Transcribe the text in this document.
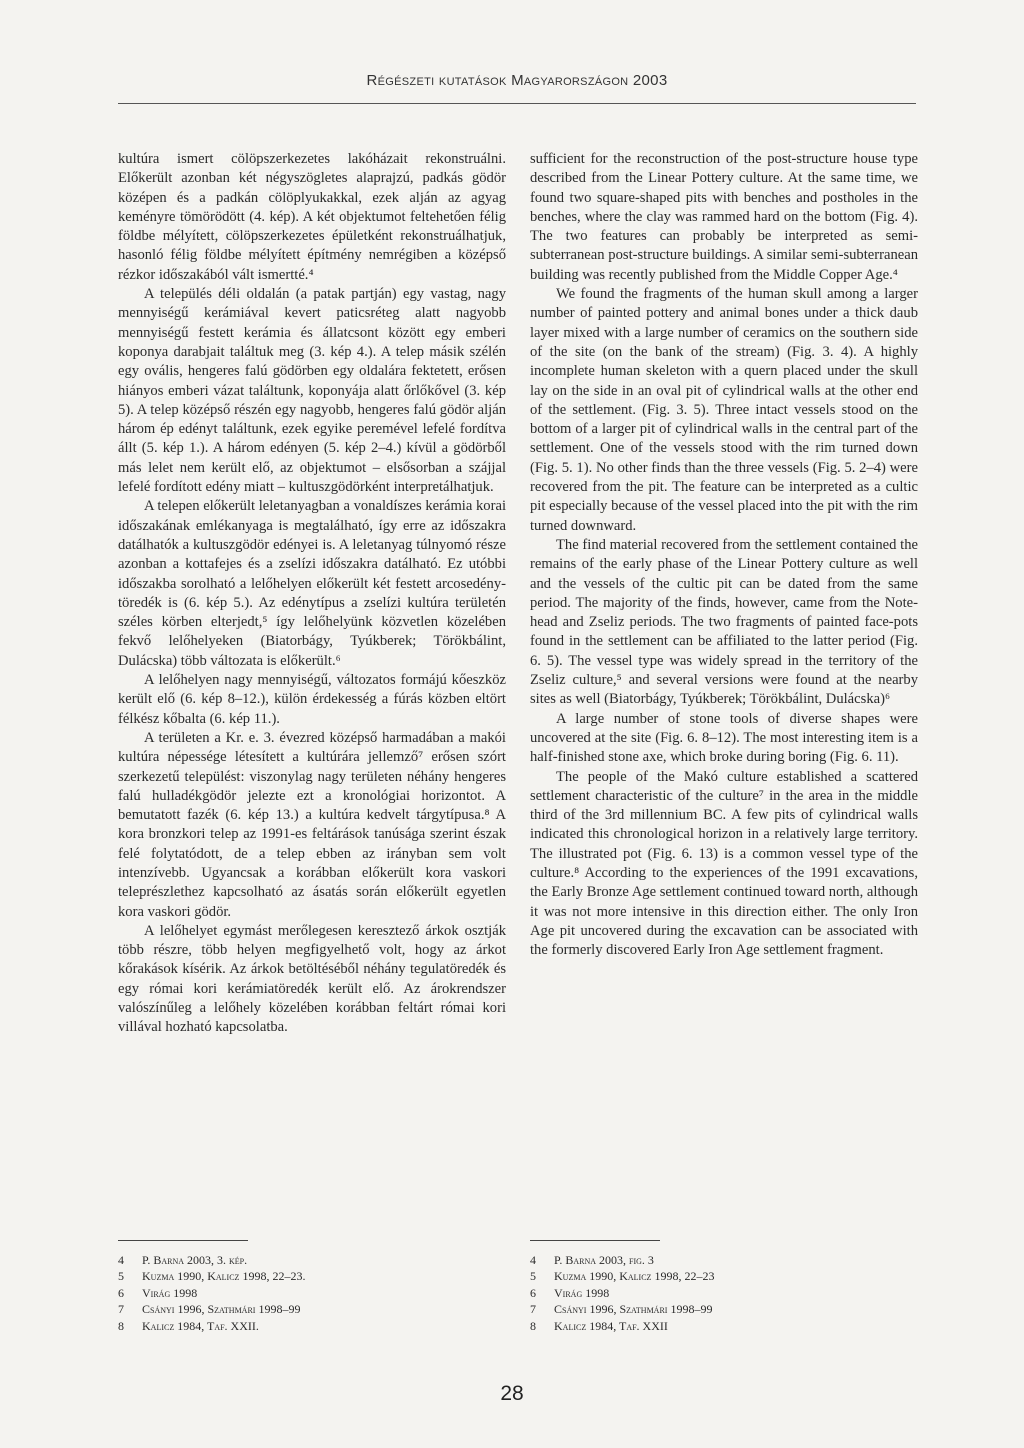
Régészeti kutatások Magyarországon 2003

kultúra ismert cölöpszerkezetes lakóházait rekonstruálni. Előkerült azonban két négyszögletes alaprajzú, padkás gödör középen és a padkán cölöplyukakkal, ezek alján az agyag keményre tömörödött (4. kép). A két objektumot feltehetően félig földbe mélyített, cölöpszerkezetes épületként rekonstruálhatjuk, hasonló félig földbe mélyített építmény nemrégiben a középső rézkor időszakából vált ismertté.⁴

A település déli oldalán (a patak partján) egy vastag, nagy mennyiségű kerámiával kevert paticsréteg alatt nagyobb mennyiségű festett kerámia és állatcsont között egy emberi koponya darabjait találtuk meg (3. kép 4.). A telep másik szélén egy ovális, hengeres falú gödörben egy oldalára fektetett, erősen hiányos emberi vázat találtunk, koponyája alatt őrlőkővel (3. kép 5). A telep középső részén egy nagyobb, hengeres falú gödör alján három ép edényt találtunk, ezek egyike peremével lefelé fordítva állt (5. kép 1.). A három edényen (5. kép 2–4.) kívül a gödörből más lelet nem került elő, az objektumot – elsősorban a szájjal lefelé fordított edény miatt – kultuszgödörként interpretálhatjuk.

A telepen előkerült leletanyagban a vonaldíszes kerámia korai időszakának emlékanyaga is megtalálható, így erre az időszakra datálhatók a kultuszgödör edényei is. A leletanyag túlnyomó része azonban a kottafejes és a zselízi időszakra datálható. Ez utóbbi időszakba sorolható a lelőhelyen előkerült két festett arcosedény-töredék is (6. kép 5.). Az edénytípus a zselízi kultúra területén széles körben elterjedt,⁵ így lelőhelyünk közvetlen közelében fekvő lelőhelyeken (Biatorbágy, Tyúkberek; Törökbálint, Dulácska) több változata is előkerült.⁶

A lelőhelyen nagy mennyiségű, változatos formájú kőeszköz került elő (6. kép 8–12.), külön érdekesség a fúrás közben eltört félkész kőbalta (6. kép 11.).

A területen a Kr. e. 3. évezred középső harmadában a makói kultúra népessége létesített a kultúrára jellemző⁷ erősen szórt szerkezetű települést: viszonylag nagy területen néhány hengeres falú hulladékgödör jelezte ezt a kronológiai horizontot. A bemutatott fazék (6. kép 13.) a kultúra kedvelt tárgytípusa.⁸ A kora bronzkori telep az 1991-es feltárások tanúsága szerint észak felé folytatódott, de a telep ebben az irányban sem volt intenzívebb. Ugyancsak a korábban előkerült kora vaskori teleprészlethez kapcsolható az ásatás során előkerült egyetlen kora vaskori gödör.

A lelőhelyet egymást merőlegesen keresztező árkok osztják több részre, több helyen megfigyelhető volt, hogy az árkot kőrakások kísérik. Az árkok betöltéséből néhány tegulatöredék és egy római kori kerámiatöredék került elő. Az árokrendszer valószínűleg a lelőhely közelében korábban feltárt római kori villával hozható kapcsolatba.

sufficient for the reconstruction of the post-structure house type described from the Linear Pottery culture. At the same time, we found two square-shaped pits with benches and postholes in the benches, where the clay was rammed hard on the bottom (Fig. 4). The two features can probably be interpreted as semi-subterranean post-structure buildings. A similar semi-subterranean building was recently published from the Middle Copper Age.⁴

We found the fragments of the human skull among a larger number of painted pottery and animal bones under a thick daub layer mixed with a large number of ceramics on the southern side of the site (on the bank of the stream) (Fig. 3. 4). A highly incomplete human skeleton with a quern placed under the skull lay on the side in an oval pit of cylindrical walls at the other end of the settlement. (Fig. 3. 5). Three intact vessels stood on the bottom of a larger pit of cylindrical walls in the central part of the settlement. One of the vessels stood with the rim turned down (Fig. 5. 1). No other finds than the three vessels (Fig. 5. 2–4) were recovered from the pit. The feature can be interpreted as a cultic pit especially because of the vessel placed into the pit with the rim turned downward.

The find material recovered from the settlement contained the remains of the early phase of the Linear Pottery culture as well and the vessels of the cultic pit can be dated from the same period. The majority of the finds, however, came from the Note-head and Zseliz periods. The two fragments of painted face-pots found in the settlement can be affiliated to the latter period (Fig. 6. 5). The vessel type was widely spread in the territory of the Zseliz culture,⁵ and several versions were found at the nearby sites as well (Biatorbágy, Tyúkberek; Törökbálint, Dulácska)⁶

A large number of stone tools of diverse shapes were uncovered at the site (Fig. 6. 8–12). The most interesting item is a half-finished stone axe, which broke during boring (Fig. 6. 11).

The people of the Makó culture established a scattered settlement characteristic of the culture⁷ in the area in the middle third of the 3rd millennium BC. A few pits of cylindrical walls indicated this chronological horizon in a relatively large territory. The illustrated pot (Fig. 6. 13) is a common vessel type of the culture.⁸ According to the experiences of the 1991 excavations, the Early Bronze Age settlement continued toward north, although it was not more intensive in this direction either. The only Iron Age pit uncovered during the excavation can be associated with the formerly discovered Early Iron Age settlement fragment.

4	P. Barna 2003, 3. kép.
5	Kuzma 1990, Kalicz 1998, 22–23.
6	Virág 1998
7	Csányi 1996, Szathmári 1998–99
8	Kalicz 1984, Taf. XXII.
4	P. Barna 2003, fig. 3
5	Kuzma 1990, Kalicz 1998, 22–23
6	Virág 1998
7	Csányi 1996, Szathmári 1998–99
8	Kalicz 1984, Taf. XXII
28
